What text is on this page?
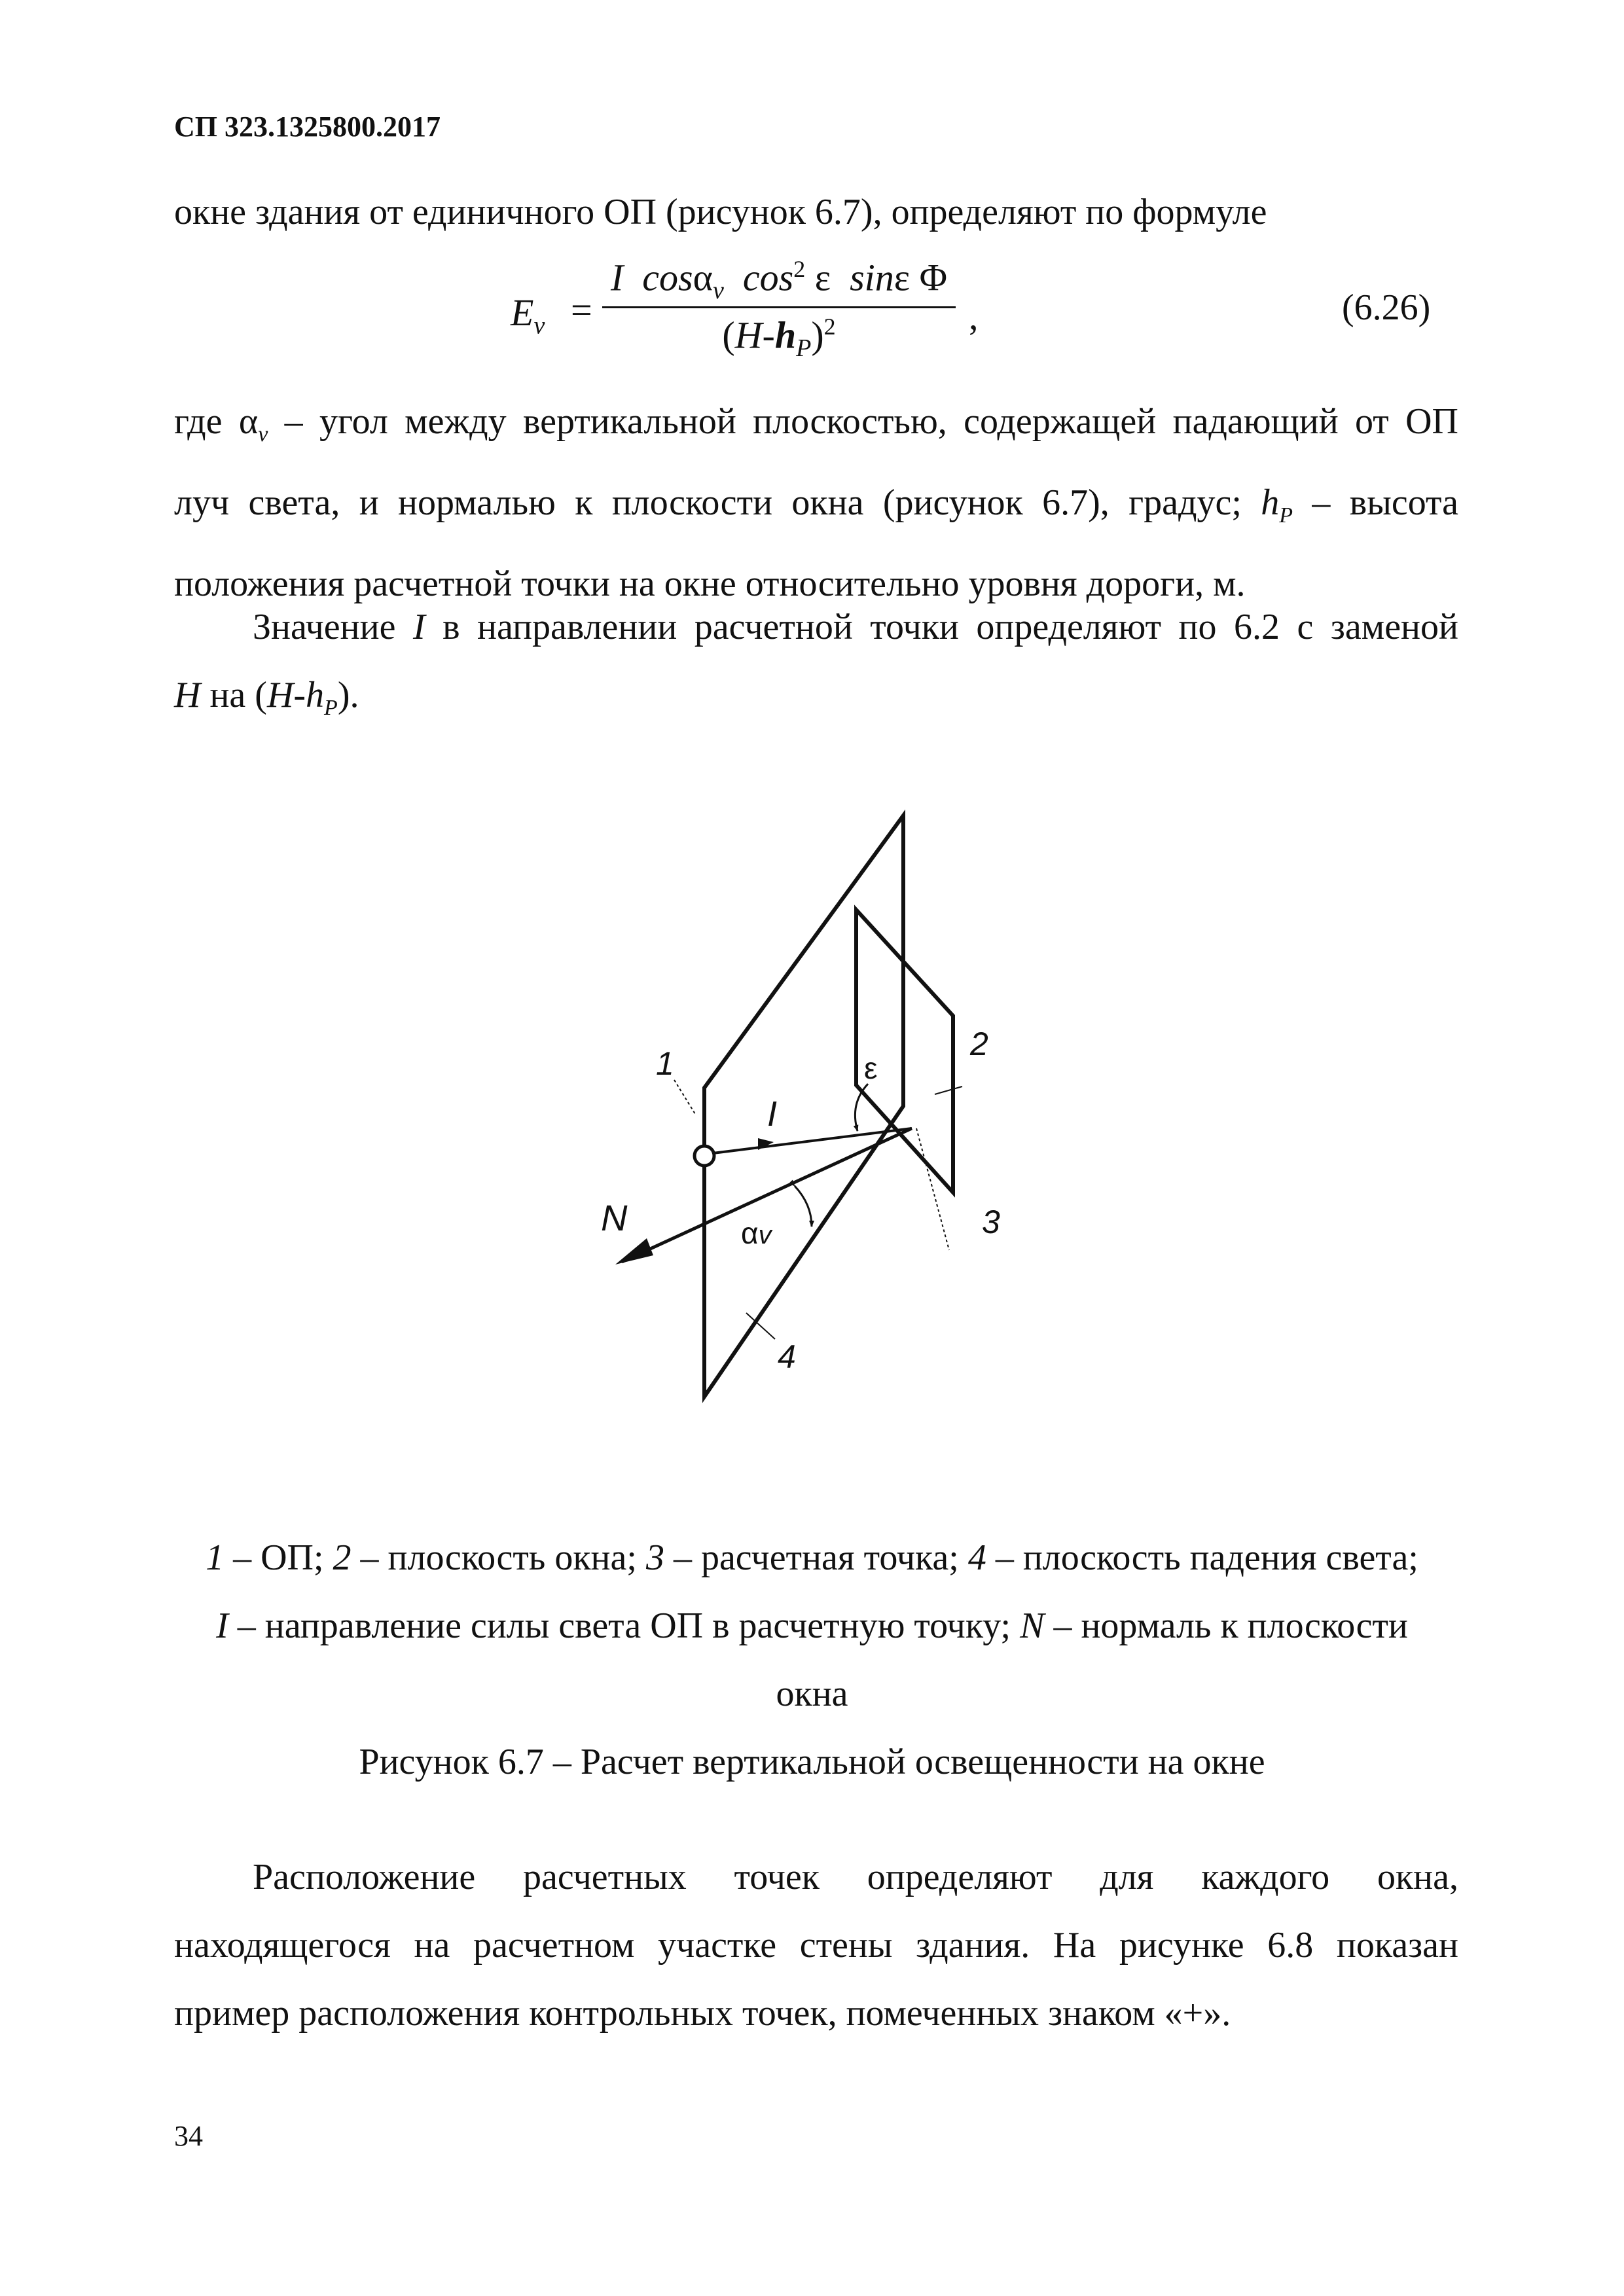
СП 323.1325800.2017
окне здания от единичного ОП (рисунок 6.7), определяют по формуле
$E_v$ =
I cosα$_v$ $\cos^2 \varepsilon$ sinε Φ
$(H-h_P)^2$	,	(6.26)
где $\alpha_v$ – угол между вертикальной плоскостью, содержащей падающий от ОП
луч света, и нормалью к плоскости окна (рисунок 6.7), градус; $h_P$ – высота
положения расчетной точки на окне относительно уровня дороги, м.
Значение I в направлении расчетной точки определяют по 6.2 с заменой
H на $(H-h_P)$.
1
2
3
4
I
N
ε
αv
1 – ОП; 2 – плоскость окна; 3 – расчетная точка; 4 – плоскость падения света;
I – направление силы света ОП в расчетную точку; N – нормаль к плоскости
окна
Рисунок 6.7 – Расчет вертикальной освещенности на окне
Расположение расчетных точек определяют для каждого окна,
находящегося на расчетном участке стены здания. На рисунке 6.8 показан
пример расположения контрольных точек, помеченных знаком «+».
34
